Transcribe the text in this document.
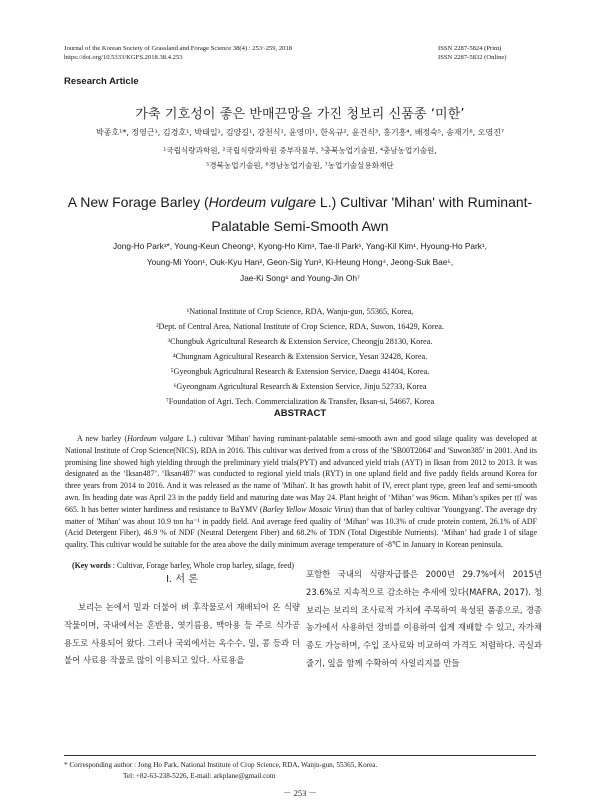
Journal of the Korean Society of Grassland and Forage Science 38(4) : 253~259, 2018
https://doi.org/10.5333/KGFS.2018.38.4.253
ISSN 2287-5824 (Print)
ISSN 2287-5832 (Online)
Research Article
가축 기호성이 좋은 반매끈망을 가진 청보리 신품종 ‘미한’
박종호¹*, 정영근¹, 김경호¹, 박태일¹, 김양길¹, 강천식¹, 윤영미¹, 한옥규², 윤건식³, 홍기흥⁴, 배정숙⁵, 송재기⁶, 오영진⁷
¹국립식량과학원, ²국립식량과학원 중부작물부, ³충북농업기술원, ⁴충남농업기술원,
⁵경북농업기술원, ⁶경남농업기술원, ⁷농업기술실용화재단
A New Forage Barley (Hordeum vulgare L.) Cultivar 'Mihan' with Ruminant-
Palatable Semi-Smooth Awn
Jong-Ho Park¹*, Young-Keun Cheong¹, Kyong-Ho Kim¹, Tae-Il Park¹, Yang-Kil Kim¹, Hyoung-Ho Park¹,
Young-Mi Yoon¹, Ouk-Kyu Han², Geon-Sig Yun³, Ki-Heung Hong⁴, Jeong-Suk Bae⁵,
Jae-Ki Song⁶ and Young-Jin Oh⁷
¹National Institute of Crop Science, RDA, Wanju-gun, 55365, Korea,
²Dept. of Central Area, National Institute of Crop Science, RDA, Suwon, 16429, Korea.
³Chungbuk Agricultural Research & Extension Service, Cheongju 28130, Korea.
⁴Chungnam Agricultural Research & Extension Service, Yesan 32428, Korea.
⁵Gyeongbuk Agricultural Research & Extension Service, Daegu 41404, Korea.
⁶Gyeongnam Agricultural Research & Extension Service, Jinju 52733, Korea
⁷Foundation of Agri. Tech. Commercialization & Transfer, Iksan-si, 54667, Korea
ABSTRACT

A new barley (Hordeum vulgare L.) cultivar 'Mihan' having ruminant-palatable semi-smooth awn and good silage quality was developed at National Institute of Crop Science(NICS), RDA in 2016. This cultivar was derived from a cross of the 'SB00T2064' and 'Suwon385' in 2001. And its promising line showed high yielding through the preliminary yield trials(PYT) and advanced yield trials (AYT) in Iksan from 2012 to 2013. It was designated as the ‘Iksan487’. ‘Iksan487’ was conducted to regional yield trials (RYT) in one upland field and five paddy fields around Korea for three years from 2014 to 2016. And it was released as the name of 'Mihan'. It has growth habit of IV, erect plant type, green leaf and semi-smooth awn. Its heading date was April 23 in the paddy field and maturing date was May 24. Plant height of ‘Mihan’ was 96cm. Mihan’s spikes per ㎡ was 665. It has better winter hardiness and resistance to BaYMV (Barley Yellow Mosaic Virus) than that of barley cultivar 'Youngyang'. The average dry matter of 'Mihan' was about 10.9 ton ha⁻¹ in paddy field. And average feed quality of ‘Mihan’ was 10.3% of crude protein content, 26.1% of ADF (Acid Detergent Fiber), 46.9 % of NDF (Neutral Detergent Fiber) and 68.2% of TDN (Total Digestible Nutrients). ‘Mihan’ had grade I of silage quality. This cultivar would be suitable for the area above the daily minimum average temperature of -8℃ in January in Korean peninsula.

(Key words : Cultivar, Forage barley, Whole crop barley, silage, feed)
Ⅰ. 서 론

보리는 논에서 밀과 더불어 벼 후작물로서 재배되어 온 식량작물이며, 국내에서는 혼반용, 엿기름용, 맥아용 등 주로 식가공 용도로 사용되어 왔다. 그러나 국외에서는 옥수수, 밀, 콩 등과 더불어 사료용 작물로 많이 이용되고 있다. 사료용을

포함한 국내의 식량자급률은 2000년 29.7%에서 2015년 23.6%로 지속적으로 감소하는 추세에 있다(MAFRA, 2017). 청보리는 보리의 조사료적 가치에 주목하여 육성된 품종으로, 경종농가에서 사용하던 장비를 이용하여 쉽게 재배할 수 있고, 자가채종도 가능하며, 수입 조사료와 비교하여 가격도 저렴하다. 곡실과 줄기, 잎을 함께 수확하여 사일리지를 만들

* Corresponding author : Jong Ho Park, National Institute of Crop Science, RDA, Wanju-gun, 55365, Korea.
Tel: +82-63-238-5226, E-mail: arkplane@gmail.com
－ 253 －
